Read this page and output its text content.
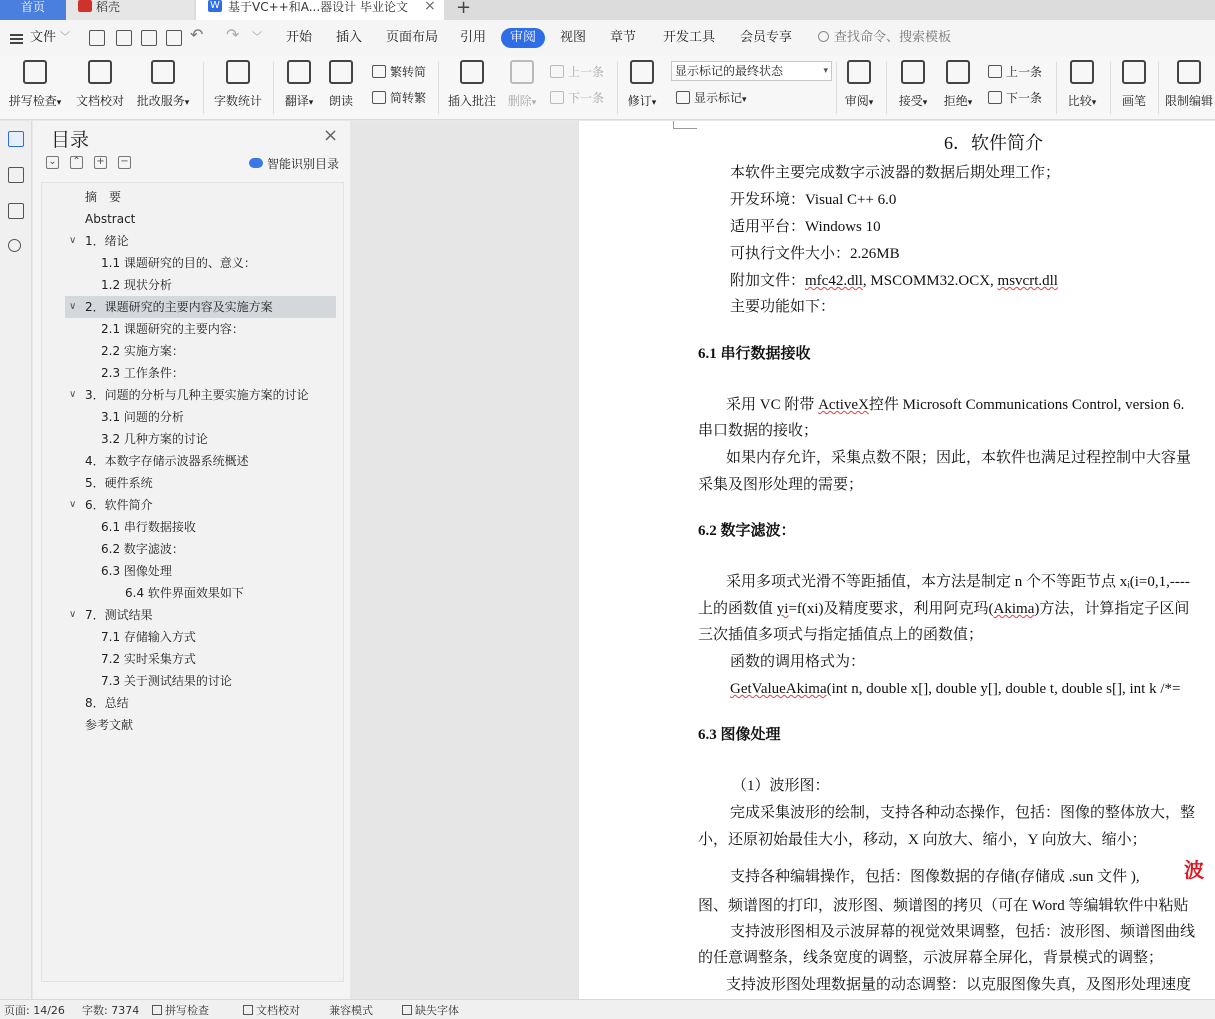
首页	稻壳	W 基于VC++和A...器设计 毕业论文	× +
文件 ﹀	↶ ↷ ﹀ 开始 插入 页面布局 引用	审阅	视图 章节 开发工具 会员专享	查找命令、搜索模板
拼写检查▾	文档校对	批改服务▾ 字数统计	翻译▾	朗读
繁转简
简转繁 插入批注 删除▾
上一条
下一条	修订▾	显示标记▾	审阅▾	接受▾	拒绝▾
上一条
下一条	比较▾	画笔	限制编辑
显示标记的最终状态	▾
目录	×
⌄ ⌃ + −	智能识别目录
摘　要
Abstract
∨ 1．绪论
1.1 课题研究的目的、意义：
1.2 现状分析
∨ 2．课题研究的主要内容及实施方案
2.1 课题研究的主要内容：
2.2 实施方案：
2.3 工作条件：
∨ 3．问题的分析与几种主要实施方案的讨论
3.1 问题的分析
3.2 几种方案的讨论
4．本数字存储示波器系统概述
5．硬件系统
∨ 6．软件简介
6.1 串行数据接收
6.2 数字滤波：
6.3 图像处理
6.4 软件界面效果如下
∨ 7．测试结果
7.1 存储输入方式
7.2 实时采集方式
7.3 关于测试结果的讨论
8．总结
参考文献
6．软件简介
本软件主要完成数字示波器的数据后期处理工作；
开发环境：Visual C++ 6.0
适用平台：Windows 10
可执行文件大小：2.26MB
附加文件：mfc42.dll, MSCOMM32.OCX, msvcrt.dll
主要功能如下：
6.1 串行数据接收
采用 VC 附带 ActiveX控件 Microsoft Communications Control, version 6.
串口数据的接收；
如果内存允许，采集点数不限；因此，本软件也满足过程控制中大容量
采集及图形处理的需要；
6.2 数字滤波：
采用多项式光滑不等距插值，本方法是制定 n 个不等距节点 xᵢ(i=0,1,----
上的函数值 yi=f(xi)及精度要求，利用阿克玛(Akima)方法，计算指定子区间
三次插值多项式与指定插值点上的函数值；
函数的调用格式为：
GetValueAkima(int n, double x[], double y[], double t, double s[], int k /*=
6.3 图像处理
（1）波形图：
完成采集波形的绘制，支持各种动态操作，包括：图像的整体放大，整
小，还原初始最佳大小，移动，X 向放大、缩小，Y 向放大、缩小；
支持各种编辑操作，包括：图像数据的存储(存储成 .sun 文件 ), 波
图、频谱图的打印，波形图、频谱图的拷贝（可在 Word 等编辑软件中粘贴
支持波形图相及示波屏幕的视觉效果调整，包括：波形图、频谱图曲线
的任意调整条，线条宽度的调整，示波屏幕全屏化，背景模式的调整；
支持波形图处理数据量的动态调整：以克服图像失真，及图形处理速度
页面: 14/26 字数: 7374	拼写检查	文档校对	兼容模式	缺失字体
